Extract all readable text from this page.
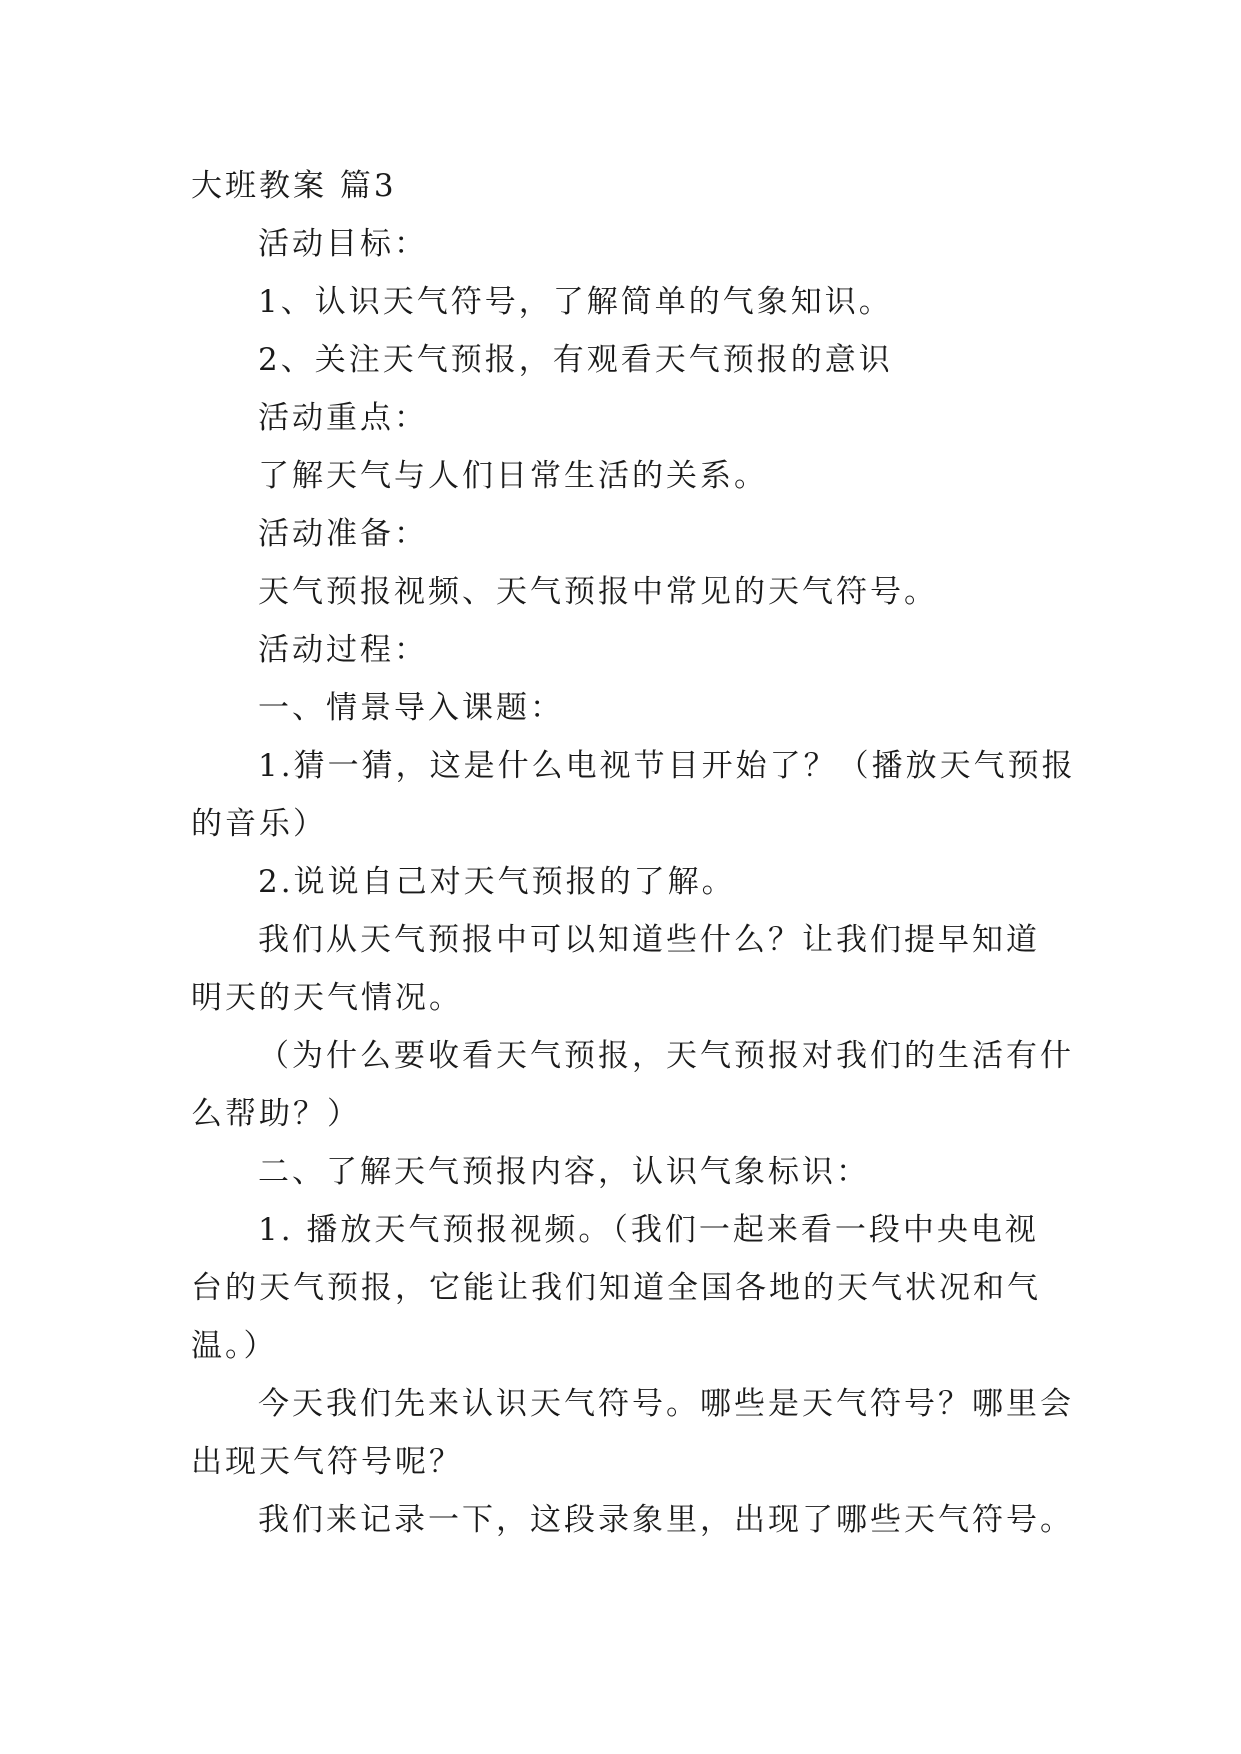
大班教案 篇3
活动目标：
1、认识天气符号，了解简单的气象知识。
2、关注天气预报，有观看天气预报的意识
活动重点：
了解天气与人们日常生活的关系。
活动准备：
天气预报视频、天气预报中常见的天气符号。
活动过程：
一、情景导入课题：
1.猜一猜，这是什么电视节目开始了？（播放天气预报
的音乐）
2.说说自己对天气预报的了解。
我们从天气预报中可以知道些什么？让我们提早知道
明天的天气情况。
（为什么要收看天气预报，天气预报对我们的生活有什
么帮助？）
二、了解天气预报内容，认识气象标识：
1. 播放天气预报视频。（我们一起来看一段中央电视
台的天气预报，它能让我们知道全国各地的天气状况和气
温。）
今天我们先来认识天气符号。哪些是天气符号？哪里会
出现天气符号呢？
我们来记录一下，这段录象里，出现了哪些天气符号。
